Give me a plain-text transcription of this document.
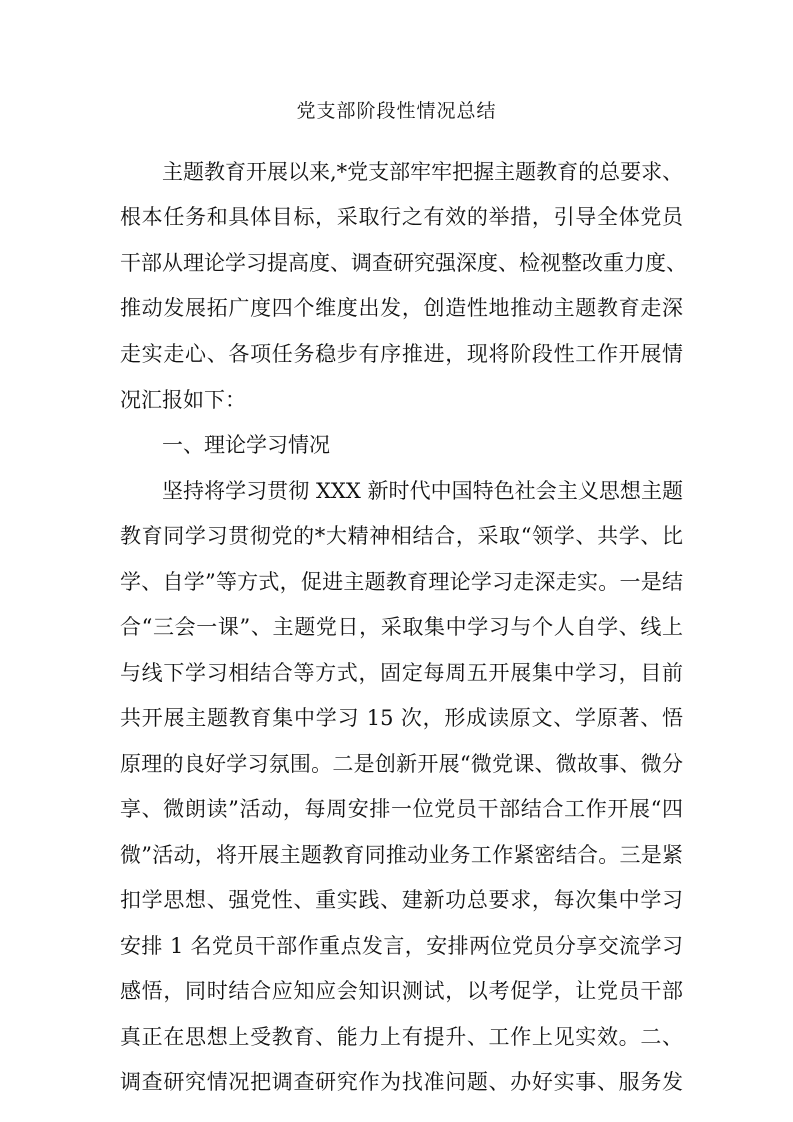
党支部阶段性情况总结

主题教育开展以来,*党支部牢牢把握主题教育的总要求、

根本任务和具体目标，采取行之有效的举措，引导全体党员

干部从理论学习提高度、调查研究强深度、检视整改重力度、

推动发展拓广度四个维度出发，创造性地推动主题教育走深

走实走心、各项任务稳步有序推进，现将阶段性工作开展情

况汇报如下：

一、理论学习情况

坚持将学习贯彻 XXX 新时代中国特色社会主义思想主题

教育同学习贯彻党的*大精神相结合，采取“领学、共学、比

学、自学”等方式，促进主题教育理论学习走深走实。一是结

合“三会一课”、主题党日，采取集中学习与个人自学、线上

与线下学习相结合等方式，固定每周五开展集中学习，目前

共开展主题教育集中学习 15 次，形成读原文、学原著、悟

原理的良好学习氛围。二是创新开展“微党课、微故事、微分

享、微朗读”活动，每周安排一位党员干部结合工作开展“四

微”活动，将开展主题教育同推动业务工作紧密结合。三是紧

扣学思想、强党性、重实践、建新功总要求，每次集中学习

安排 1 名党员干部作重点发言，安排两位党员分享交流学习

感悟，同时结合应知应会知识测试，以考促学，让党员干部

真正在思想上受教育、能力上有提升、工作上见实效。二、

调查研究情况把调查研究作为找准问题、办好实事、服务发
